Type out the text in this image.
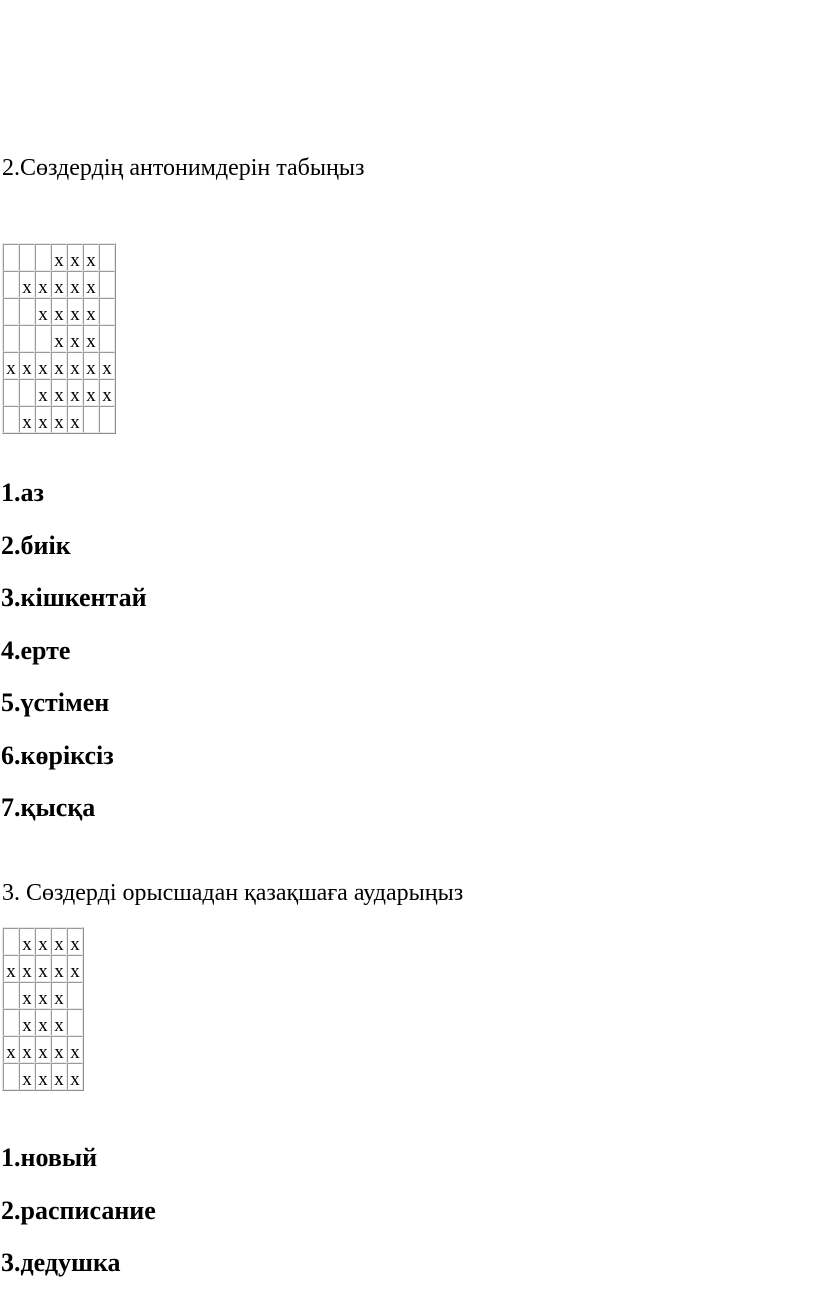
2.Сөздердің антонимдерін табыңыз
			x	x	x	
	x	x	x	x	x	
		x	x	x	x	
			x	x	x	
x	x	x	x	x	x	x
		x	x	x	x	x
	x	x	x	x		
1.аз
2.биік
3.кішкентай
4.ерте
5.үстімен
6.көріксіз
7.қысқа
3. Сөздерді орысшадан қазақшаға аударыңыз
	x	x	x	x
x	x	x	x	x
	x	x	x	
	x	x	x	
x	x	x	x	x
	x	x	x	x
1.новый
2.расписание
3.дедушка
